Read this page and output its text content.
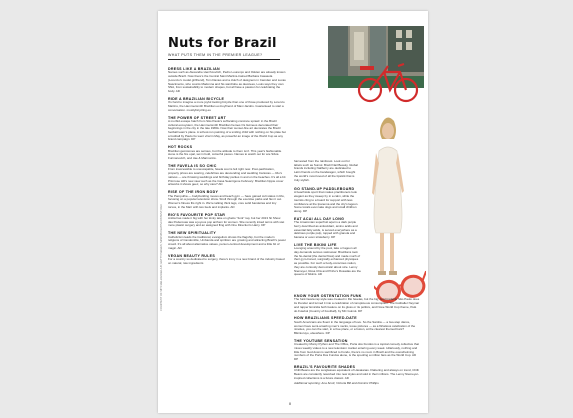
Nuts for Brazil
WHAT PUTS THEM IN THE PREMIER LEAGUE?
COURTESY OF MITCHELL/ANGELA B; GETTY IMAGES; NEWSPIX/LATINCONTENT; REX
DRESS LIKE A BRAZILIAN

Names such as Alexandre Herchcovitch, Pedro Lourenço and Osklen are already known outside Brazil. Now there's the Central Saint Martins-trained Barbara Casasola (Lorenzo's model girlfriend), Tom Davies and a clutch of designers in Camden and Lucas Nascimento, who counts Madonna and his wardrobe as devotees, Louis says they own SNA, from sustainability to modern shapes, but all have a passion for celebrating the body. AD

RIDE A BRAZILIAN BICYCLE

It's hard to imagine a more joyful looking bicycle than one of those produced by Lorenzo Martins, the Hammersmith Brazilian ex-boyfriend of Maxi Jacobs. Guaranteed to start a conversation. mostlybicycling.eu

THE POWER OF STREET ART

A morbid escape hatch from São Paulo's suffocating concrete sprawl: in the Brazil cultural ecosystem, the Hammersmith Brazilian heroes Os Gêmeos decorated their beginnings in the city in the late 1980s. Now their sunset-fine art decorates the Brazil football team's plane. A school-run painting of a smiling child with nothing on his plate but a football by Paulo Ito went viral in May, as powerful an image of the World Cup as any brand campaign. DP

HOT ROCKS

Brazilian gemstones are serious, but the attitude to them isn't. This year's fashionable stone is the fire opal, set in bold, colourful pieces. Names to watch out for are Silvia Furmanovich, and Jae & Marmontrè.

THE FAVELA IS SO CHIC

From inaccessible to unescapable, favela cool is felt right now. Post-pacification, property prices are soaring, celebrities are descending and wedding Cariocas — Rio's natives — are throwing weddings and birthday parties in and on the beaches. It's all a bit Primrose Hill's new view such as the Casa Seanrigone February: Brazilian hippie cover artworks it shows geez, so why care? AD

RISE OF THE IRON BODY

The Pampulha — bodybuilding moves and beach gym — have gained cult status in Rio, focusing on a popular television show. Stroll through the exercise parks and flex it out. Women's fitness fits right in. We're talking thick legs, core solid bandeiras and tiny torsos, in the Marr with two feels and implants. AD

RIO'S FAVOURITE POP STAR

Anitta has made it big with her kinky take on ghetto "funk" rap, but her 2013 hit Show das Poderosas was a joyous pop anthem for women. She recently inked terms with stet more plastic surgery and an assigned fling with One Direction's Harry. DP

THE NEW SPIRITUALITY

Catholicism leads the traditional, evangelism shows the flagship, but the modern religions of Candomblé, Umbanda and spiritism are growing and attracting Brazil's power crowd. It's all about alternative values, person-centred development and a little bit of magic. AD

VEGAN BEAUTY RULES

For a country so dedicated to surgery, there's irony in a new brand of the industry based on natural, raw ingredients

harvested from the rainforest. Look out for labels such as Sumol. Brazil Nail Beauty, Global brands including Nailberry are dedicated to Latin friends on the bandwagon, which bought the world's most loved of all the lipstick that is truly stylish.
GO STAND-UP PADDLEBOARD

A beachside sport that makes practitioners look elegant as they sweep by in a calm, while the tourists cling to a board for support with less confidence at the Ipanema and the city's lagoon. Some locals even take dogs and small children along. DP

EAT ACAI ALL DAY LONG

The Amazonian superfruit açaí is a dark purple berry described as antioxidant, amino acids and essential fatty acids, is served everywhere as a delicious purple pulp, topped with granola and banana or even strawberry. DP

LIVE THE BIKINI LIFE

Lounging around by the pool, lake or lagoon all day demands serious swimwear. Brazilians took the fio-dental (the dental floss) and made much of their gym-honed, surgically enhanced physiques as possible. For such a body-conscious nation, they are curiously democratic about size. Lenny Niemeyer, Rosa Chá and Pinho's Rosadas are the queens of bikinis. AD

KNOW YOUR OSTENTATION FUNK

The funk favela rap style was created in Rio favelas, but the big, bold tradable São Paulo does its thunder and turned it into a celebration of conspicuous consumption. The footballer Neymar and rapper Emicida both feature on its gloss or its politics, and Nove World Cup theme, Pelé do Futebol (Country of Football), by MC Guimê. DP

HOW BRAZILIANS SPEED-DATE

South Americans are fluent in the language of love. So the Samba — a two-step dance, women have semi-amazing men's necks, loose pictures — as a flirtatious celebration of the nineties, you can the start, in a free place, or a fusion, at the clearest themed bars? Bikiniuruyo, elsewhere. DP

THE YOUTUBE SENSATION

Created by Monty Python and The Office, Porta dos Fundos is a topical comedy collective that mixes weekly videos to a new television market entering every week. Hilariously, nothing and little from God down is sacrificed to Fundo, there's no room in Brazil and the overwhelming numbers of the Porta Dos Fundos alone, is the spoofing a million fans as the World Cup. AD DP

BRAZIL'S FAVOURITE SHADES

Chilli Beans are the sunglasses equivalent of Havaianas. Flattering and always on trend, Chilli Beans are constantly reworked into new styles and sold in their millions. The Lenny Niemeyer-inspired collections is a future classic. AD

Additional reporting: Ana Scott, Victoria Bill and Dominic Phillips

II
